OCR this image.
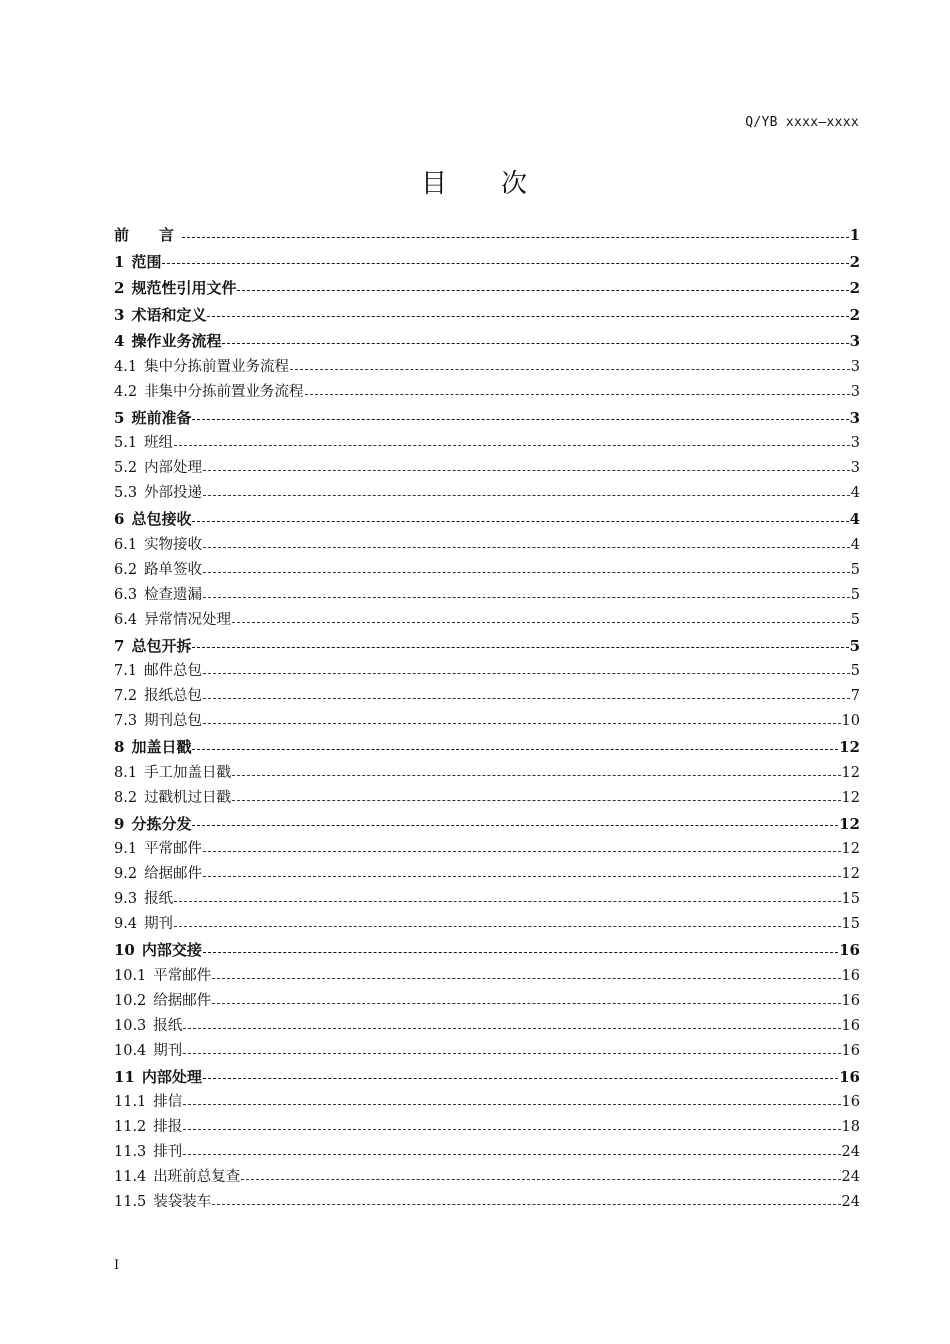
Q/YB xxxx—xxxx
目 次
前　　言	1
1 范围	2
2 规范性引用文件	2
3 术语和定义	2
4 操作业务流程	3
4.1 集中分拣前置业务流程	3
4.2 非集中分拣前置业务流程	3
5 班前准备	3
5.1 班组	3
5.2 内部处理	3
5.3 外部投递	4
6 总包接收	4
6.1 实物接收	4
6.2 路单签收	5
6.3 检查遗漏	5
6.4 异常情况处理	5
7 总包开拆	5
7.1 邮件总包	5
7.2 报纸总包	7
7.3 期刊总包	10
8 加盖日戳	12
8.1 手工加盖日戳	12
8.2 过戳机过日戳	12
9 分拣分发	12
9.1 平常邮件	12
9.2 给据邮件	12
9.3 报纸	15
9.4 期刊	15
10 内部交接	16
10.1 平常邮件	16
10.2 给据邮件	16
10.3 报纸	16
10.4 期刊	16
11 内部处理	16
11.1 排信	16
11.2 排报	18
11.3 排刊	24
11.4 出班前总复查	24
11.5 装袋装车	24
I
